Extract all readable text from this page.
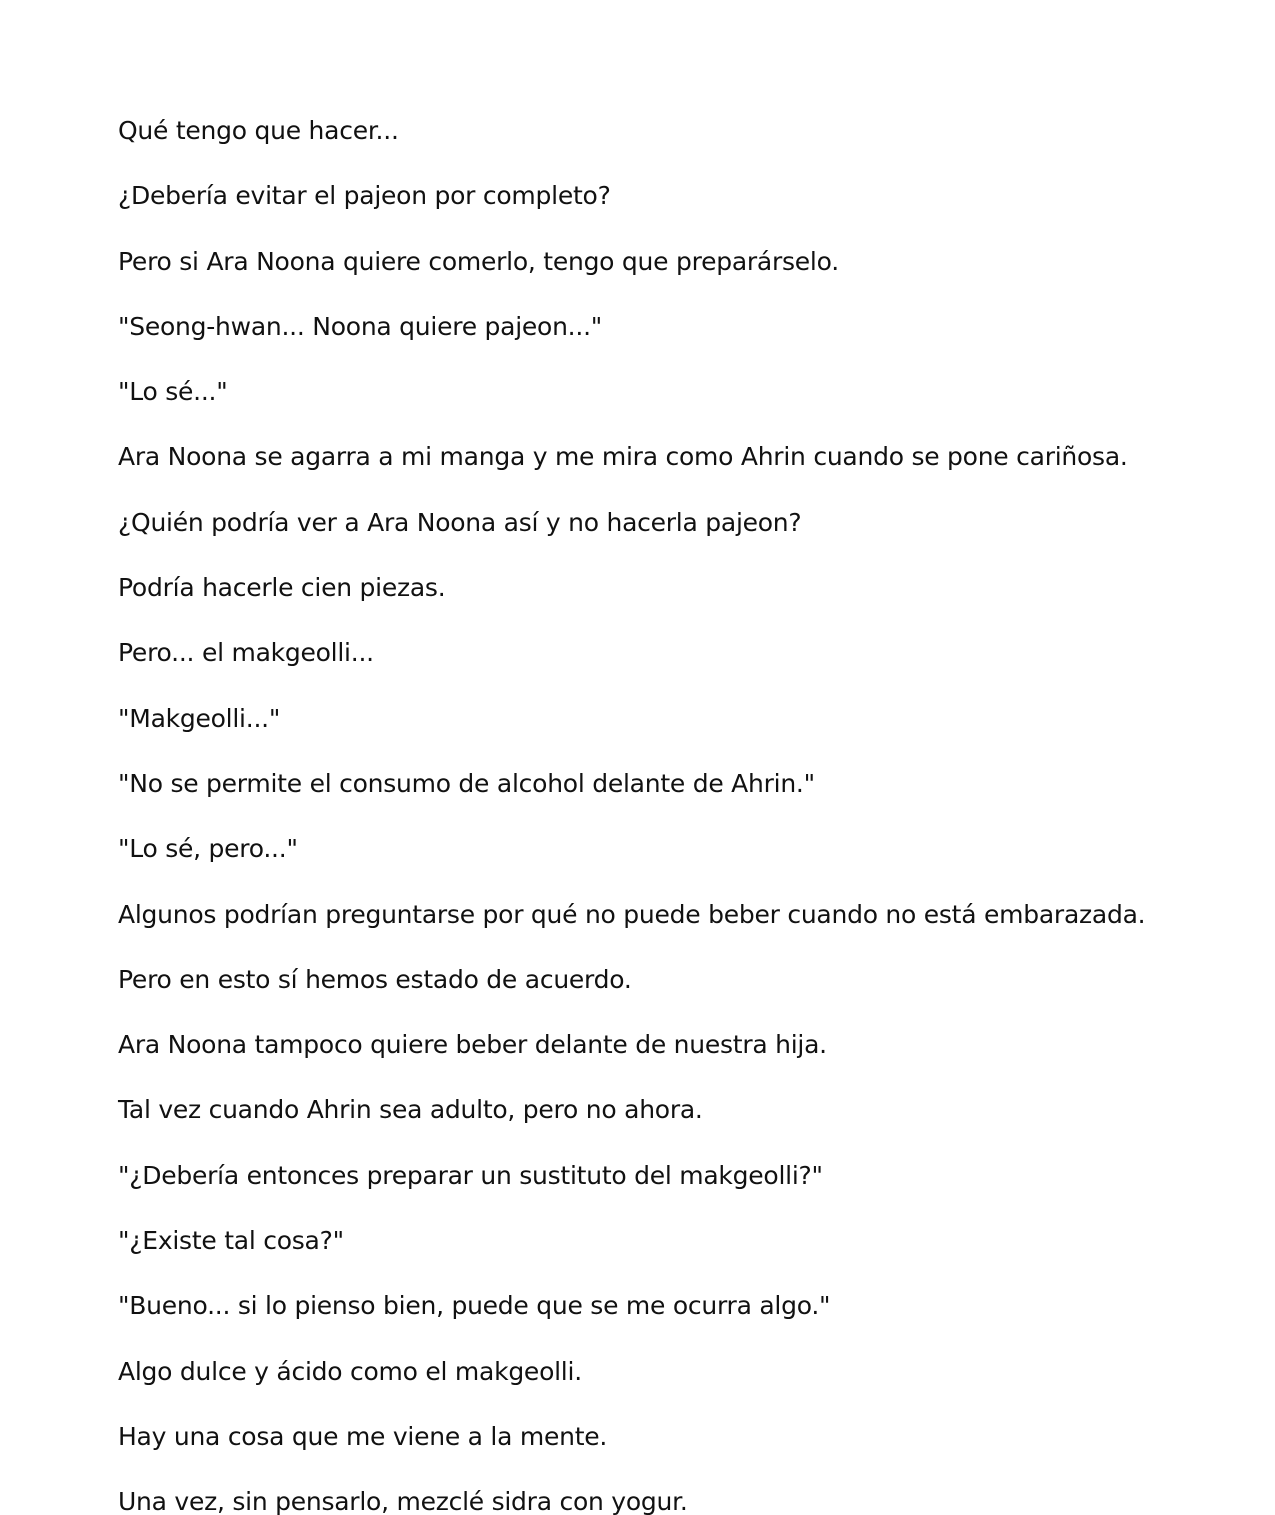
Qué tengo que hacer...

¿Debería evitar el pajeon por completo?

Pero si Ara Noona quiere comerlo, tengo que preparárselo.

"Seong-hwan... Noona quiere pajeon..."

"Lo sé..."

Ara Noona se agarra a mi manga y me mira como Ahrin cuando se pone cariñosa.

¿Quién podría ver a Ara Noona así y no hacerla pajeon?

Podría hacerle cien piezas.

Pero... el makgeolli...

"Makgeolli..."

"No se permite el consumo de alcohol delante de Ahrin."

"Lo sé, pero..."

Algunos podrían preguntarse por qué no puede beber cuando no está embarazada.

Pero en esto sí hemos estado de acuerdo.

Ara Noona tampoco quiere beber delante de nuestra hija.

Tal vez cuando Ahrin sea adulto, pero no ahora.

"¿Debería entonces preparar un sustituto del makgeolli?"

"¿Existe tal cosa?"

"Bueno... si lo pienso bien, puede que se me ocurra algo."

Algo dulce y ácido como el makgeolli.

Hay una cosa que me viene a la mente.

Una vez, sin pensarlo, mezclé sidra con yogur.
